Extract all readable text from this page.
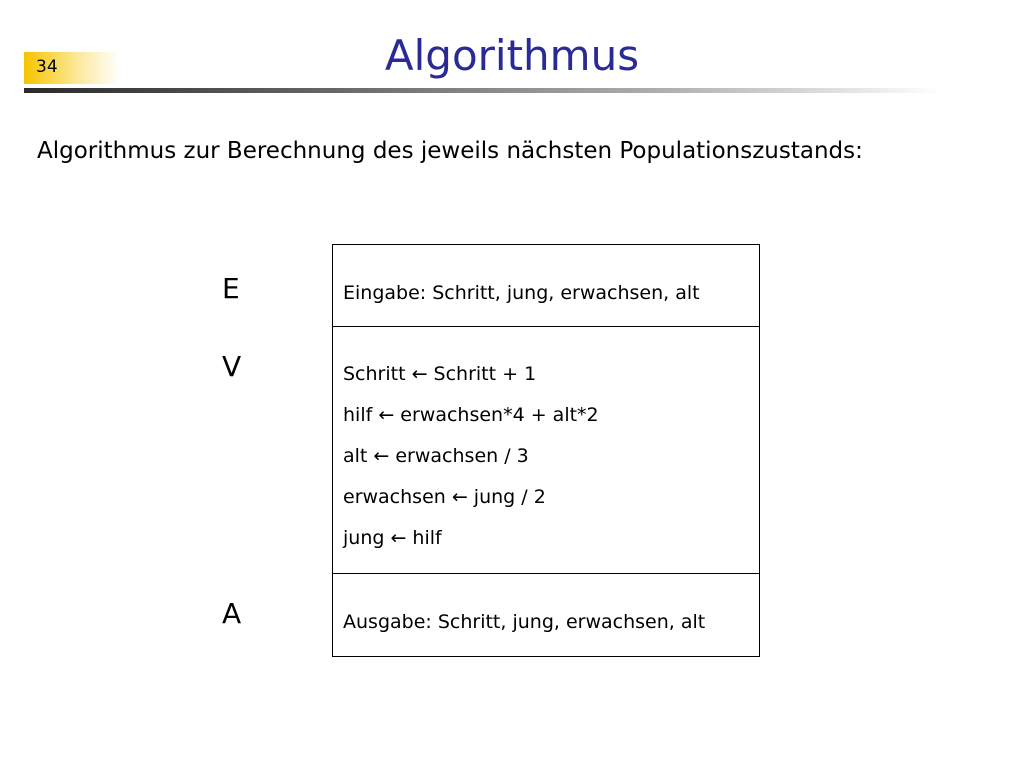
34	Algorithmus
Algorithmus zur Berechnung des jeweils nächsten Populationszustands:
E
V
A
Eingabe: Schritt, jung, erwachsen, alt
Schritt ← Schritt + 1
hilf ← erwachsen*4 + alt*2
alt ← erwachsen / 3
erwachsen ← jung / 2
jung ← hilf
Ausgabe: Schritt, jung, erwachsen, alt
